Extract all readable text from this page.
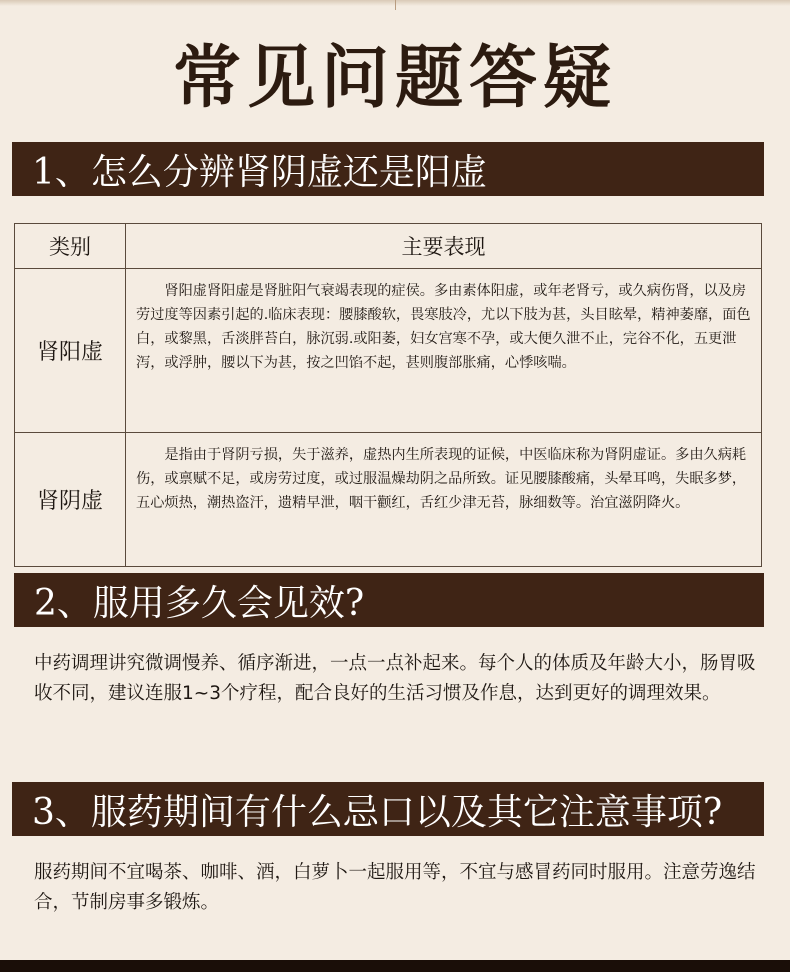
常见问题答疑
1、怎么分辨肾阴虚还是阳虚
类别	主要表现
肾阳虚	肾阳虚肾阳虚是肾脏阳气衰竭表现的症侯。多由素体阳虚，或年老肾亏，或久病伤肾，以及房劳过度等因素引起的.临床表现：腰膝酸软，畏寒肢冷，尤以下肢为甚，头目眩晕，精神萎靡，面色白，或黎黑，舌淡胖苔白，脉沉弱.或阳萎，妇女宫寒不孕，或大便久泄不止，完谷不化，五更泄泻，或浮肿，腰以下为甚，按之凹馅不起，甚则腹部胀痛，心悸咳喘。
肾阴虚	是指由于肾阴亏损，失于滋养，虚热内生所表现的证候，中医临床称为肾阴虚证。多由久病耗伤，或禀赋不足，或房劳过度，或过服温燥劫阴之品所致。证见腰膝酸痛，头晕耳鸣，失眠多梦，五心烦热，潮热盗汗，遗精早泄，咽干颧红，舌红少津无苔，脉细数等。治宜滋阴降火。
2、服用多久会见效?
中药调理讲究微调慢养、循序渐进，一点一点补起来。每个人的体质及年龄大小，肠胃吸收不同，建议连服1~3个疗程，配合良好的生活习惯及作息，达到更好的调理效果。
3、服药期间有什么忌口以及其它注意事项?
服药期间不宜喝茶、咖啡、酒，白萝卜一起服用等，不宜与感冒药同时服用。注意劳逸结合，节制房事多锻炼。
